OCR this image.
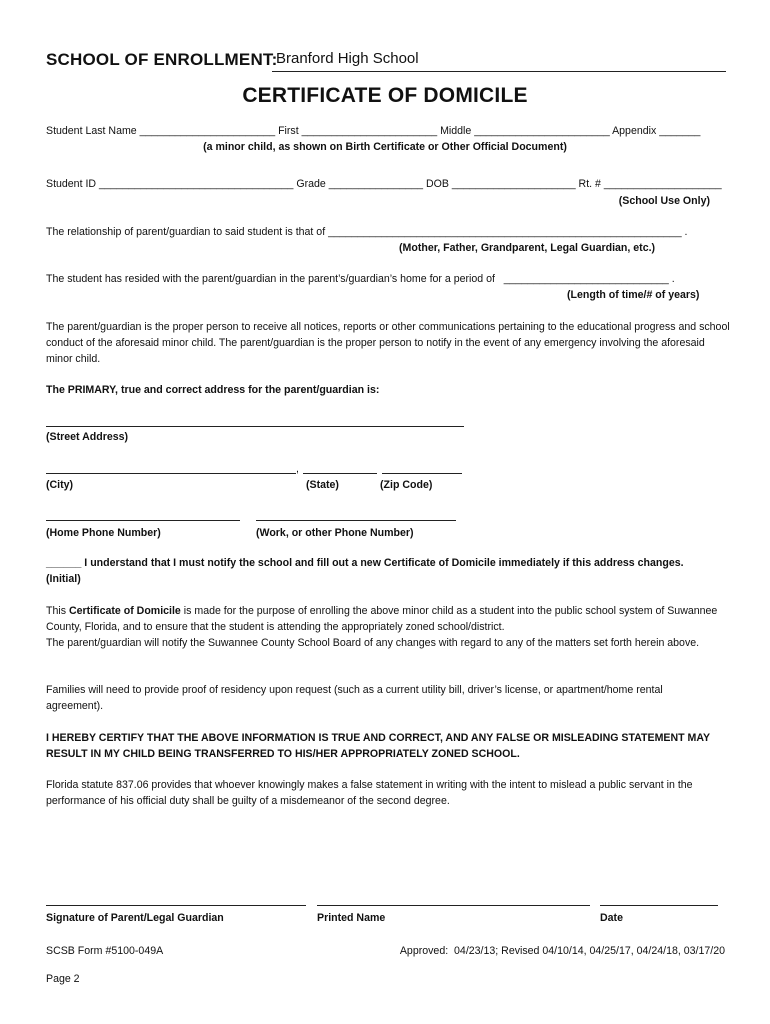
SCHOOL OF ENROLLMENT:
Branford High School
CERTIFICATE OF DOMICILE
Student Last Name _______________________ First _______________________ Middle _______________________ Appendix _______
(a minor child, as shown on Birth Certificate or Other Official Document)
Student ID _________________________________ Grade ________________ DOB _____________________ Rt. # ____________________
(School Use Only)
The relationship of parent/guardian to said student is that of ____________________________________________________________ .
(Mother, Father, Grandparent, Legal Guardian, etc.)
The student has resided with the parent/guardian in the parent’s/guardian’s home for a period of   ____________________________ .
(Length of time/# of years)
The parent/guardian is the proper person to receive all notices, reports or other communications pertaining to the educational progress and school conduct of the aforesaid minor child. The parent/guardian is the proper person to notify in the event of any emergency involving the aforesaid minor child.
The PRIMARY, true and correct address for the parent/guardian is:
(Street Address)
,
(City)	(State)	(Zip Code)
(Home Phone Number)	(Work, or other Phone Number)
______ I understand that I must notify the school and fill out a new Certificate of Domicile immediately if this address changes.
(Initial)
This Certificate of Domicile is made for the purpose of enrolling the above minor child as a student into the public school system of Suwannee County, Florida, and to ensure that the student is attending the appropriately zoned school/district.
The parent/guardian will notify the Suwannee County School Board of any changes with regard to any of the matters set forth herein above.
Families will need to provide proof of residency upon request (such as a current utility bill, driver’s license, or apartment/home rental agreement).
I HEREBY CERTIFY THAT THE ABOVE INFORMATION IS TRUE AND CORRECT, AND ANY FALSE OR MISLEADING STATEMENT MAY RESULT IN MY CHILD BEING TRANSFERRED TO HIS/HER APPROPRIATELY ZONED SCHOOL.
Florida statute 837.06 provides that whoever knowingly makes a false statement in writing with the intent to mislead a public servant in the performance of his official duty shall be guilty of a misdemeanor of the second degree.
Signature of Parent/Legal Guardian	Printed Name	Date
SCSB Form #5100-049A	Approved:  04/23/13; Revised 04/10/14, 04/25/17, 04/24/18, 03/17/20
Page 2
